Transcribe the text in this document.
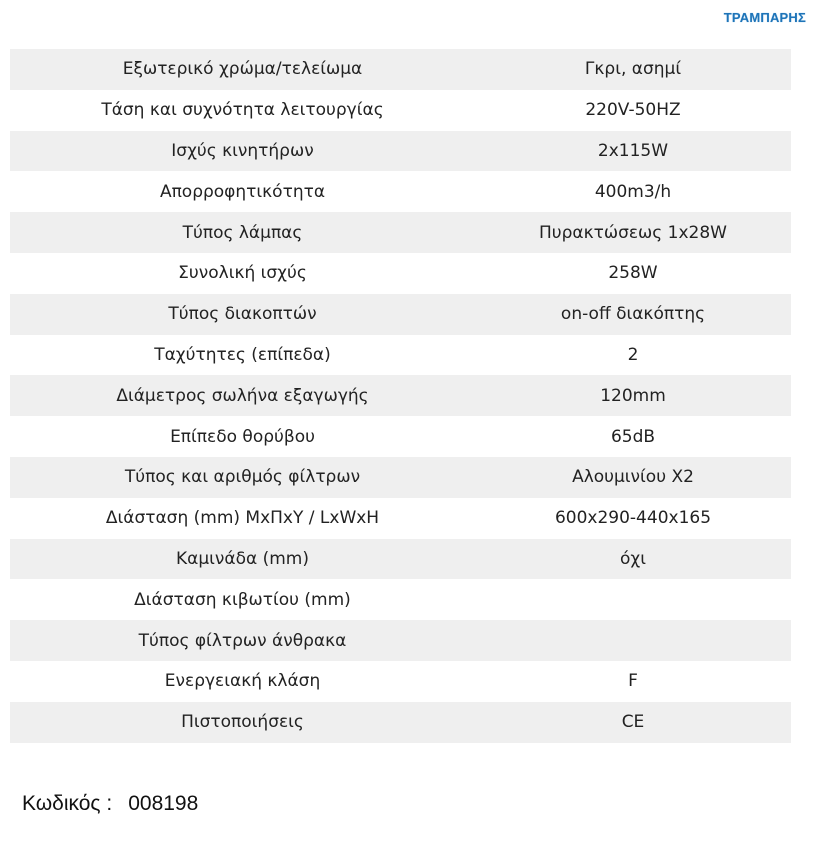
ΤΡΑΜΠΑΡΗΣ
Εξωτερικό χρώμα/τελείωμα	Γκρι, ασημί
Τάση και συχνότητα λειτουργίας	220V-50HZ
Ισχύς κινητήρων	2x115W
Απορροφητικότητα	400m3/h
Τύπος λάμπας	Πυρακτώσεως 1x28W
Συνολική ισχύς	258W
Τύπος διακοπτών	on-off διακόπτης
Ταχύτητες (επίπεδα)	2
Διάμετρος σωλήνα εξαγωγής	120mm
Επίπεδο θορύβου	65dB
Τύπος και αριθμός φίλτρων	Αλουμινίου X2
Διάσταση (mm) ΜxΠxΥ / LxWxH	600x290-440x165
Καμινάδα (mm)	όχι
Διάσταση κιβωτίου (mm)
Τύπος φίλτρων άνθρακα
Ενεργειακή κλάση	F
Πιστοποιήσεις	CE
Κωδικός : 008198
